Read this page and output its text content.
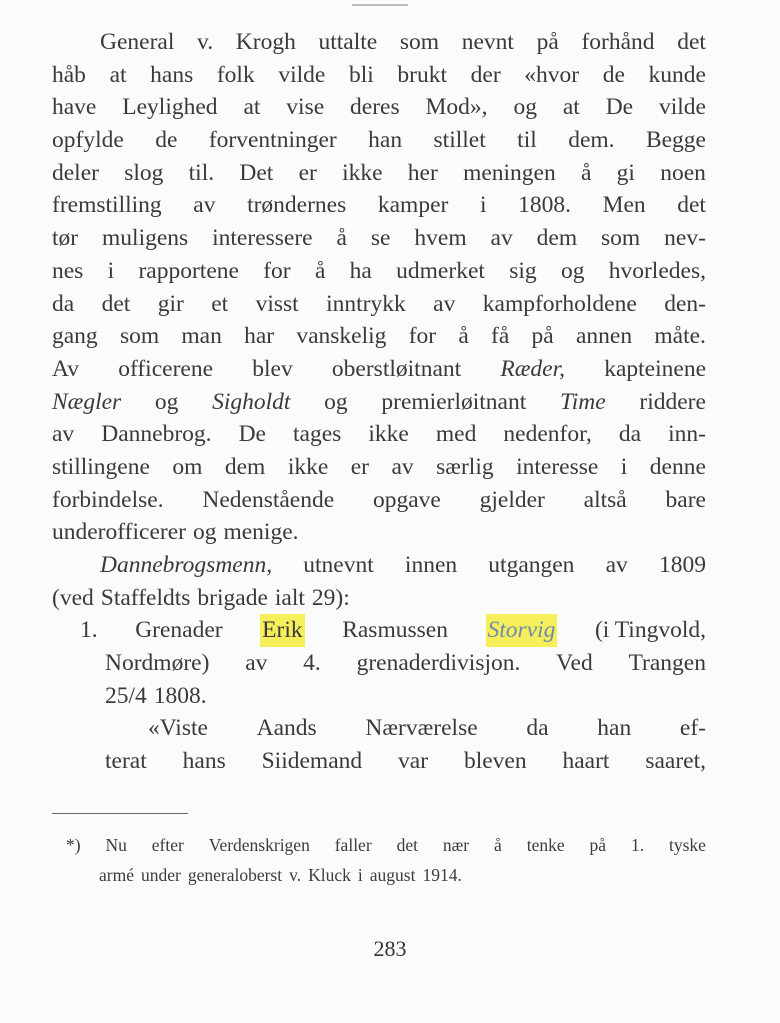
General v. Krogh uttalte som nevnt på forhånd det
håb at hans folk vilde bli brukt der «hvor de kunde
have Leylighed at vise deres Mod», og at De vilde
opfylde de forventninger han stillet til dem. Begge
deler slog til. Det er ikke her meningen å gi noen
fremstilling av trøndernes kamper i 1808. Men det
tør muligens interessere å se hvem av dem som nev-
nes i rapportene for å ha udmerket sig og hvorledes,
da det gir et visst inntrykk av kampforholdene den-
gang som man har vanskelig for å få på annen måte.
Av officerene blev oberstløitnant Ræder, kapteinene
Nægler og Sigholdt og premierløitnant Time riddere
av Dannebrog. De tages ikke med nedenfor, da inn-
stillingene om dem ikke er av særlig interesse i denne
forbindelse. Nedenstående opgave gjelder altså bare
underofficerer og menige.
Dannebrogsmenn, utnevnt innen utgangen av 1809
(ved Staffeldts brigade ialt 29):
1. Grenader Erik Rasmussen Storvig (i Tingvold,
Nordmøre) av 4. grenaderdivisjon. Ved Trangen
25/4 1808.
«Viste Aands Nærværelse da han ef-
terat hans Siidemand var bleven haart saaret,
*) Nu efter Verdenskrigen faller det nær å tenke på 1. tyske
armé under generaloberst v. Kluck i august 1914.
283
